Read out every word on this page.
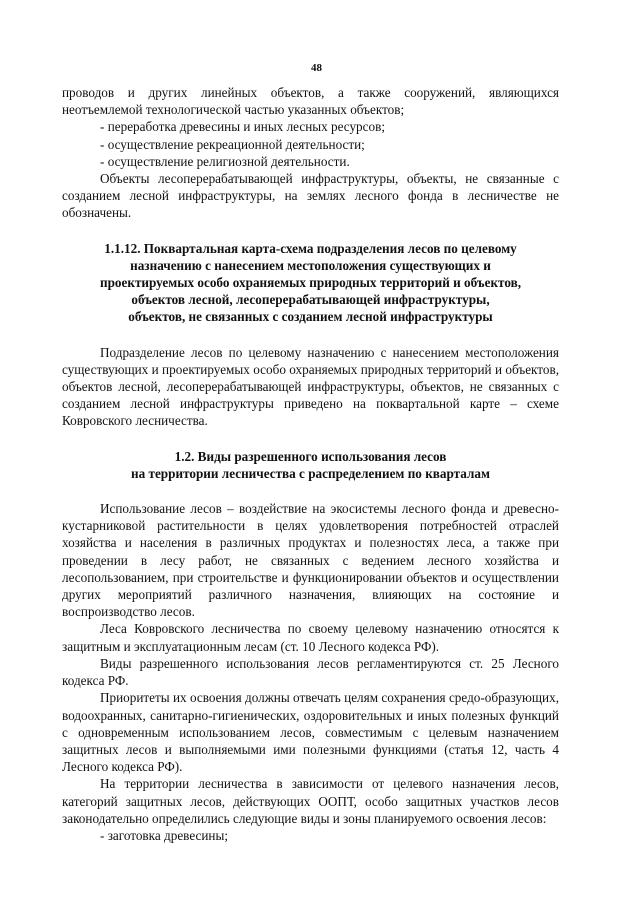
48

проводов и других линейных объектов, а также сооружений, являющихся неотъемлемой технологической частью указанных объектов;

- переработка древесины и иных лесных ресурсов;

- осуществление рекреационной деятельности;

- осуществление религиозной деятельности.

Объекты лесоперерабатывающей инфраструктуры, объекты, не связанные с созданием лесной инфраструктуры, на землях лесного фонда в лесничестве не обозначены.

1.1.12. Поквартальная карта-схема подразделения лесов по целевому
назначению с нанесением местоположения существующих и
проектируемых особо охраняемых природных территорий и объектов,
объектов лесной, лесоперерабатывающей инфраструктуры,
объектов, не связанных с созданием лесной инфраструктуры

Подразделение лесов по целевому назначению с нанесением местоположения существующих и проектируемых особо охраняемых природных территорий и объектов, объектов лесной, лесоперерабатывающей инфраструктуры, объектов, не связанных с созданием лесной инфраструктуры приведено на поквартальной карте – схеме Ковровского лесничества.

1.2. Виды разрешенного использования лесов
на территории лесничества с распределением по кварталам

Использование лесов – воздействие на экосистемы лесного фонда и древесно-кустарниковой растительности в целях удовлетворения потребностей отраслей хозяйства и населения в различных продуктах и полезностях леса, а также при проведении в лесу работ, не связанных с ведением лесного хозяйства и лесопользованием, при строительстве и функционировании объектов и осуществлении других мероприятий различного назначения, влияющих на состояние и воспроизводство лесов.

Леса Ковровского лесничества по своему целевому назначению относятся к защитным и эксплуатационным лесам (ст. 10 Лесного кодекса РФ).

Виды разрешенного использования лесов регламентируются ст. 25 Лесного кодекса РФ.

Приоритеты их освоения должны отвечать целям сохранения средо-образующих, водоохранных, санитарно-гигиенических, оздоровительных и иных полезных функций с одновременным использованием лесов, совместимым с целевым назначением защитных лесов и выполняемыми ими полезными функциями (статья 12, часть 4 Лесного кодекса РФ).

На территории лесничества в зависимости от целевого назначения лесов, категорий защитных лесов, действующих ООПТ, особо защитных участков лесов законодательно определились следующие виды и зоны планируемого освоения лесов:

- заготовка древесины;
